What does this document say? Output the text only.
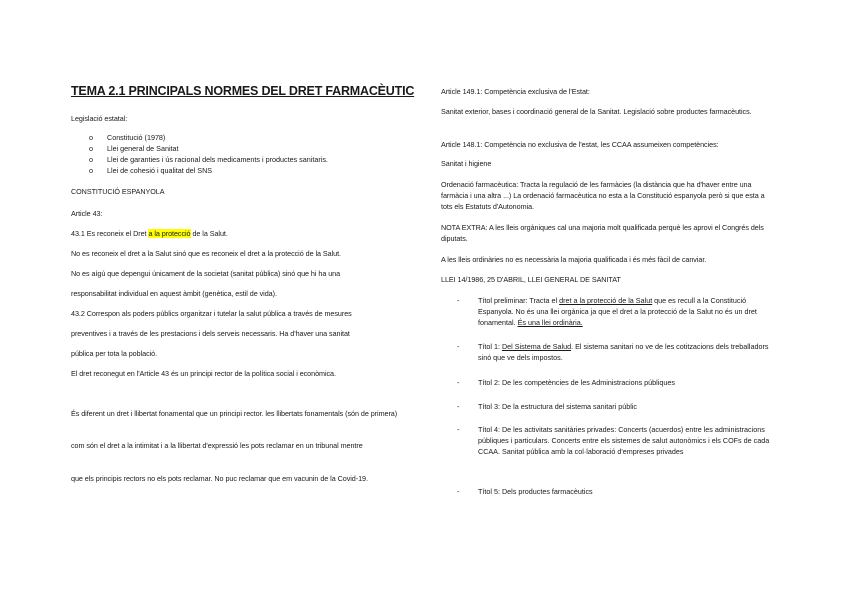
TEMA 2.1 PRINCIPALS NORMES DEL DRET FARMACÈUTIC
Legislació estatal:
o Constitució (1978)
o Llei general de Sanitat
o Llei de garanties i ús racional dels medicaments i productes sanitaris.
o Llei de cohesió i qualitat del SNS
CONSTITUCIÓ ESPANYOLA
Article 43:
43.1 Es reconeix el Dret a la protecció de la Salut.
No es reconeix el dret a la Salut sinó que es reconeix el dret a la protecció de la Salut.
No es aígú que depengui únicament de la societat (sanitat pública) sinó que hi ha una
responsabilitat individual en aquest àmbit (genètica, estil de vida).
43.2 Correspon als poders públics organitzar i tutelar la salut pública a través de mesures
preventives i a través de les prestacions i dels serveis necessaris. Ha d'haver una sanitat
pública per tota la població.
El dret reconegut en l'Article 43 és un principi rector de la política social i econòmica.
És diferent un dret i llibertat fonamental que un principi rector. les llibertats fonamentals (són de primera)
com són el dret a la intimitat i a la llibertat d'expressió les pots reclamar en un tribunal mentre
que els principis rectors no els pots reclamar. No puc reclamar que em vacunin de la Covid-19.
Article 149.1: Competència exclusiva de l'Estat:
Sanitat exterior, bases i coordinació general de la Sanitat. Legislació sobre productes farmacèutics.
Article 148.1: Competència no exclusiva de l'estat, les CCAA assumeixen competències:
Sanitat i higiene
Ordenació farmacèutica: Tracta la regulació de les farmàcies (la distància que ha d'haver entre una farmàcia i una altra ...) La ordenació farmacèutica no esta a la Constitució espanyola però si que esta a tots els Estatuts d'Autonomia.
NOTA EXTRA: A les lleis orgàniques cal una majoria molt qualificada perquè les aprovi el Congrés dels diputats.
A les lleis ordinàries no es necessària la majoria qualificada i és més fàcil de canviar.
LLEI 14/1986, 25 D'ABRIL, LLEI GENERAL DE SANITAT
-	Títol preliminar: Tracta el dret a la protecció de la Salut que es recull a la Constitució Espanyola. No és una llei orgànica ja que el dret a la protecció de la Salut no és un dret fonamental. És una llei ordinària.
-	Títol 1: Del Sistema de Salud. El sistema sanitari no ve de les cotitzacions dels treballadors sinó que ve dels impostos.
-	Títol 2: De les competències de les Administracions públiques
-	Títol 3: De la estructura del sistema sanitari públic
-	Títol 4: De les activitats sanitàries privades: Concerts (acuerdos) entre les administracions públiques i particulars. Concerts entre els sistemes de salut autonòmics i els COFs de cada CCAA. Sanitat pública amb la col·laboració d'empreses privades
-	Títol 5: Dels productes farmacèutics
